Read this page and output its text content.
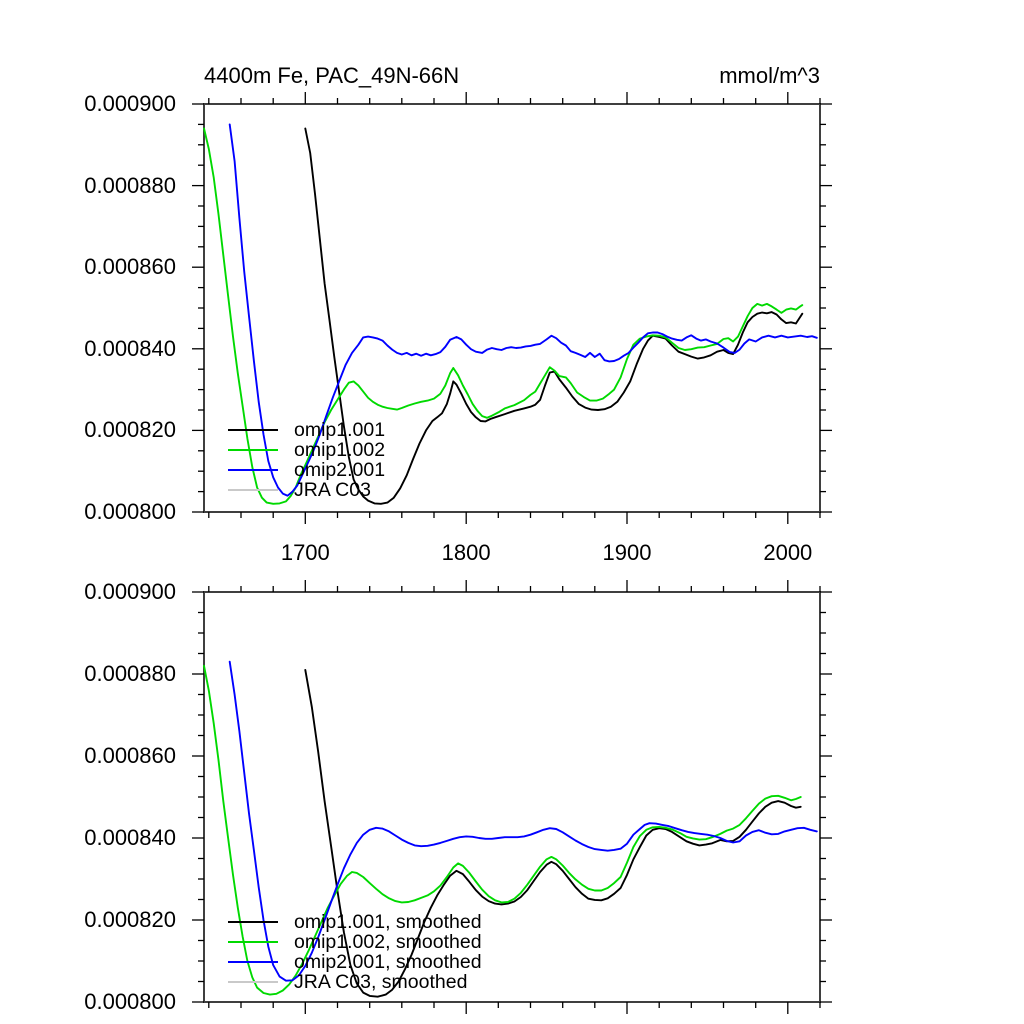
4400m Fe, PAC_49N-66N	mmol/m^3
0.000900
0.000880
0.000860
0.000840
0.000820
0.000800
1700	1800	1900	2000
omip1.001
omip1.002
omip2.001
JRA C03
0.000900
0.000880
0.000860
0.000840
0.000820
0.000800
omip1.001, smoothed
omip1.002, smoothed
omip2.001, smoothed
JRA C03, smoothed
